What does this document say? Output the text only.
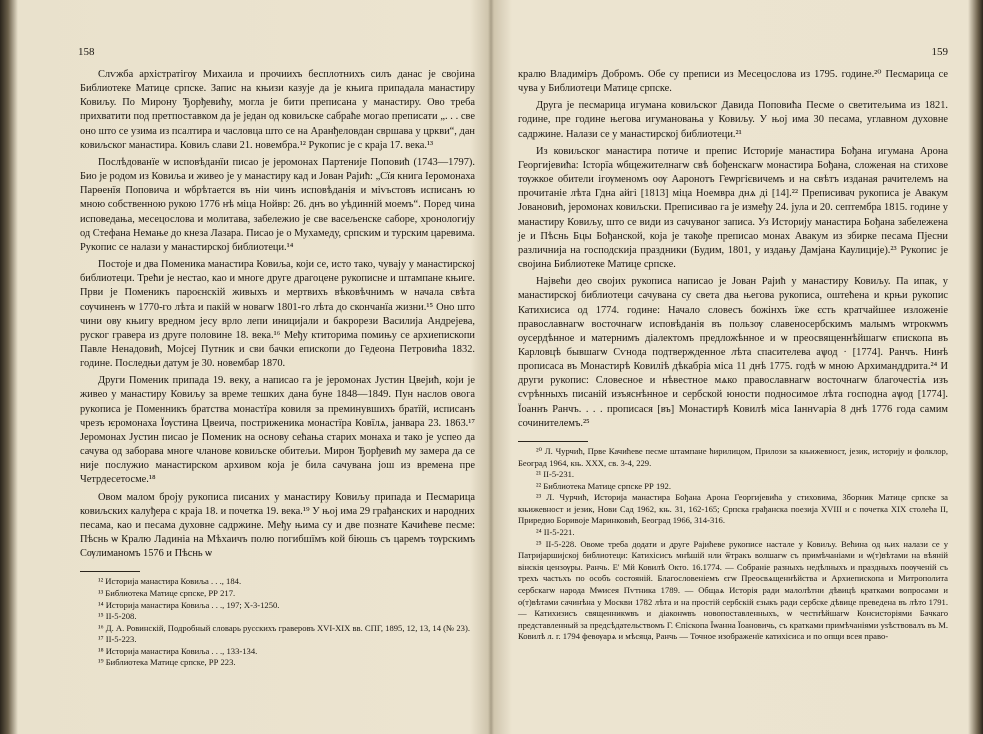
158

Слѵжба архістратігѹ Михаила и прочиихъ бесплотнихъ силъ данас је својина Библиотеке Матице српске. Запис на књизи казује да је књига припадала манастиру Ковиљу. По Мирону Ђорђевићу, могла је бити преписана у манастиру. Ово треба прихватити под претпоставком да је један од ковиљске сабраће могао преписати „. . . све оно што се узима из псалтира и часловца што се на Аранђеловдан свршава у цркви“, дан ковиљског манастира. Ковиљ слави 21. новембра.¹² Рукопис је с краја 17. века.¹³

Послѣдованїе ѡ исповѣданїи писао је јеромонах Партеније Поповић (1743—1797). Био је родом из Ковиља и живео је у манастиру кад и Јован Рајић: „Сїя книга Іеромонаха Парѳенїя Поповича и ѡбрѣтается въ ніи чинъ исповѣданія и міѵьстовъ исписанъ ю мною собственною рукою 1776 нѣ міца Нойвр: 26. днъ во уѣдинній моемъ“. Поред чина исповедања, месецослова и молитава, забележио је све васељенске саборе, хронологију од Стефана Немање до кнеза Лазара. Писао је о Мухамеду, српским и турским царевима. Рукопис се налази у манастирској библиотеци.¹⁴

Постоје и два Поменика манастира Ковиља, који се, исто тако, чувају у манастирској библиотеци. Трећи је нестао, као и многе друге драгоцене рукописне и штампане књиге. Први је Поменикъ пароєнскій живыхъ и мертвихъ вѣковѣчнимъ ѡ начала свѣта сѹчиненъ ѡ 1770-го лѣта и пакій ѡ новагѡ 1801-го лѣта до скончанїа жизни.¹⁵ Оно што чини ову књигу вредном јесу врло лепи иницијали и бакрорези Василија Андрејева, руског гравера из друге половине 18. века.¹⁶ Међу ктиторима помињу се архиепископи Павле Ненадовић, Мојсеј Путник и сви бачки епископи до Гедеона Петровића 1832. године. Последњи датум је 30. новембар 1870.

Други Поменик припада 19. веку, а написао га је јеромонах Јустин Цвејић, који је живео у манастиру Ковиљу за време тешких дана буне 1848—1849. Пун наслов овога рукописа је Поменникъ братства монастїра ковиля за преминувшихъ братїй, исписанъ чрезъ ѥромонаха Їѹстина Цвеича, постриженика монастїра Ковїлѧ, јанвара 23. 1863.¹⁷ Јеромонах Јустин писао је Поменик на основу сећања старих монаха и тако је успео да сачува од заборава многе чланове ковиљске обитељи. Мирон Ђорђевић му замера да се није послужио манастирском архивом која је била сачувана још из времена пре Четрдесетосме.¹⁸

Овом малом броју рукописа писаних у манастиру Ковиљу припада и Песмарица ковиљских калуђера с краја 18. и почетка 19. века.¹⁹ У њој има 29 грађанских и народних песама, као и песама духовне садржине. Међу њима су и две познате Качићеве песме: Пѣснь ѡ Кралю Ладиніа на Мѣхаичъ полю погибшїмъ кой біюшь съ царемъ тѹрскимъ Сѹлиманомъ 1576 и Пѣснь ѡ

¹² Историја манастира Ковиља . . ., 184.
¹³ Библиотека Матице српске, РР 217.
¹⁴ Историја манастира Ковиља . . ., 197; Х-3-1250.
¹⁵ II-5-208.
¹⁶ Д. А. Ровинскій, Подробный словарь русскихъ граверовъ XVI-XIX вв. СПГ, 1895, 12, 13, 14 (№ 23).
¹⁷ II-5-223.
¹⁸ Историја манастира Ковиља . . ., 133-134.
¹⁹ Библиотека Матице српске, РР 223.
159

кралю Владиміръ Добромъ. Обе су преписи из Месецослова из 1795. године.²⁰ Песмарица се чува у Библиотеци Матице српске.

Друга је песмарица игумана ковиљског Давида Поповића Песме о светитељима из 1821. године, пре године његова игумановања у Ковиљу. У њој има 30 песама, углавном духовне садржине. Налази се у манастирској библиотеци.²¹

Из ковиљског манастира потиче и препис Историје манастира Бођана игумана Арона Георгијевића: Історїа ѡбщежителнагѡ свѣ бођенскагѡ монастира Бођана, сложеная на стихове тѹжкое обители ігѹменомъ оѹ Ааронотъ Геѡргієвичемъ и на свѣтъ изданая рачителемъ на прочитаніе лѣта Гдна айгі [1813] міца Ноемвра днѧ ді [14].²² Преписивач рукописа је Авакум Јовановић, јеромонах ковиљски. Преписивао га је између 24. јула и 20. септембра 1815. године у манастиру Ковиљу, што се види из сачуваног записа. Уз Историју манастира Бођана забележена је и Пѣснь Бцы Бођанской, која је такође преписао монах Авакум из збирке песама Пјесни различнија на господскија праздники (Будим, 1801, у издању Дамјана Каулиције).²³ Рукопис је својина Библиотеке Матице српске.

Највећи део својих рукописа написао је Јован Рајић у манастиру Ковиљу. Па ипак, у манастирској библиотеци сачувана су света два његова рукописа, оштећена и крњи рукопис Катихисиса од 1774. године: Начало словесъ божінхъ їже єсть кратчайшее изложеніе православнагѡ восточнагѡ исповѣданія въ пользѹ славеносербскимъ малымъ ѡтрокѡмъ оусердѣнное и матернимъ діалектомъ предложѣнное и ѡ преосвященнѣйшагѡ єпископа въ Карловцѣ бывшагѡ Сѵнода подтвержденное лѣта спасителева аѱод · [1774]. Ранчъ. Нинѣ прописаса въ Монастирѣ Ковиліѣ дѣкабріа міса 11 днѣ 1775. годѣ ѡ мною Архиманддрита.²⁴ И други рукопис: Словесное и нѣвестное мѧко православнагѡ восточнагѡ благочестіѧ изъ сѵрѣнныхъ писаній изъяснѣнное и сербской юности подносимое лѣта господна аѱод [1774]. Їоаннъ Ранчъ. . . . прописася [въ] Монастирѣ Ковилѣ міса Іаннѵаріа 8 днѣ 1776 года самим сочинителемъ.²⁵

²⁰ Л. Чурчић, Прве Качићеве песме штампане ћирилицом, Прилози за књижевност, језик, историју и фолклор, Београд 1964, књ. XXX, св. 3-4, 229.
²¹ II-5-231.
²² Библиотека Матице српске РР 192.
²³ Л. Чурчић, Историја манастира Бођана Арона Георгијевића у стиховима, Зборник Матице српске за књижевност и језик, Нови Сад 1962, књ. 31, 162-165; Српска грађанска поезија XVIII и с почетка XIX столећа II, Приредио Боривоје Маринковић, Београд 1966, 314-316.
²⁴ II-5-221.
²⁵ II-5-228. Овоме треба додати и друге Рајићеве рукописе настале у Ковиљу. Већина од њих налази се у Патријаршијској библиотеци: Катихісисъ мнѣшій нли ѿтракъ волшагѡ съ примѣчаніами и ѡ(т)вѣтами на вѣяній вінскія цензѹры. Ранчь. Е' Мй Ковилѣ Окто. 16.1774. — Собраніе разныхъ недѣлныхъ и праздныхъ поѹченій съ трехъ частьхъ по особъ состояній. Благословеніемъ єгѡ Преосвѧщеннѣйства и Архиепископа и Митрополита сербскагѡ народа Мѡисея Пѵтника 1789. — Общаѧ Исторія ради малолѣтни дѣвицѣ кратками вопросами и о(т)вѣтами сачинѣна у Москви 1782 лѣта и на простій сербскій єзыкъ ради сербске дѣвице преведена въ лѣто 1791. — Катихизисъ священникѡвъ и діаконѡвъ новопоставленныхъ, ѡ честнѣйшагѡ Консисторіями Бачкаго представленный за предсѣдательствомъ Г. Єпіскопа Їѡанна Їоановичь, съ кратками примѣчаніями уѕѣствовалъ въ М. Ковилѣ л. г. 1794 февѹарѧ и мѣсяца, Ранчь — Точное изображенїе катихісиса и по опщи всея право-
